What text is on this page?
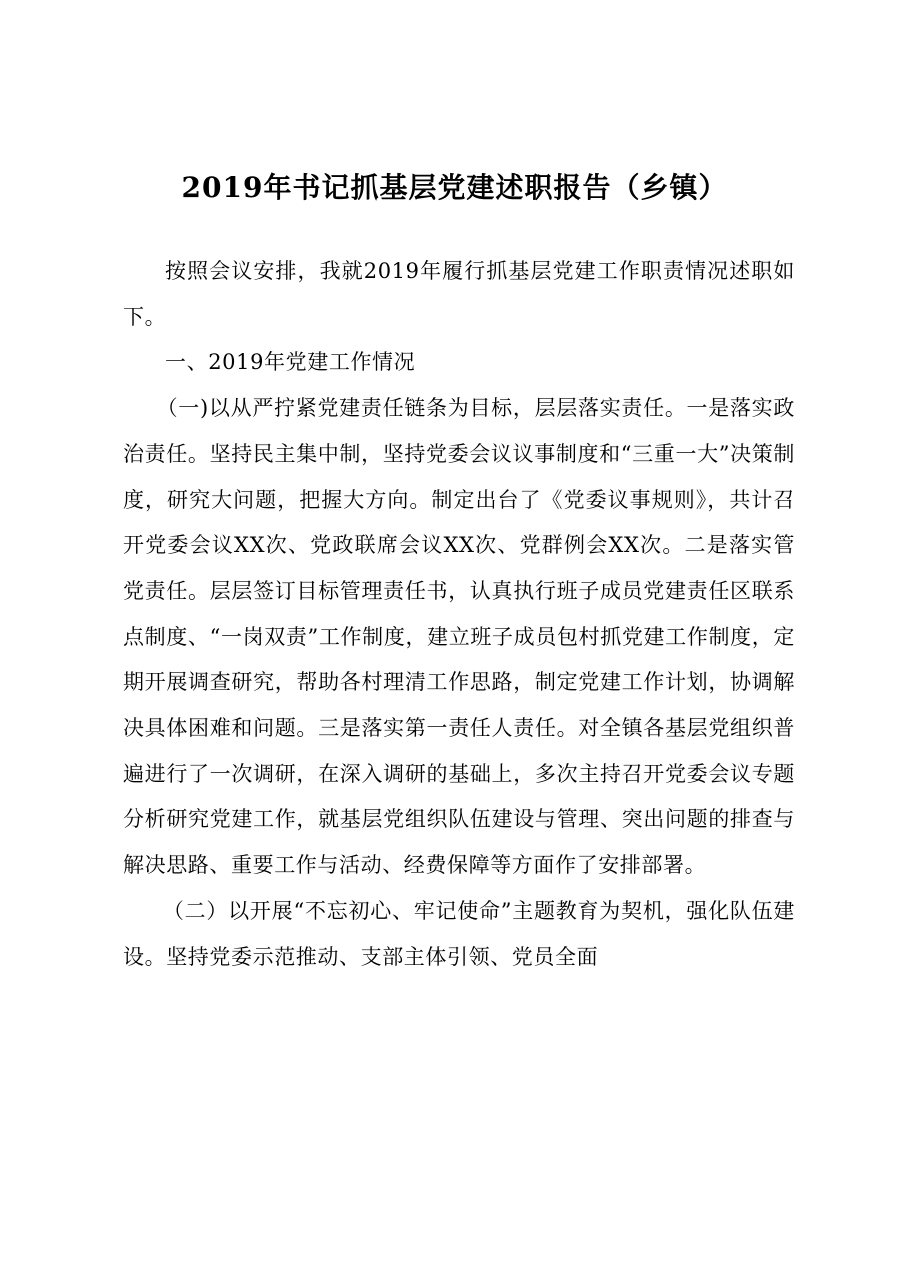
2019年书记抓基层党建述职报告（乡镇）

按照会议安排，我就2019年履行抓基层党建工作职责情况述职如下。

一、2019年党建工作情况

（一)以从严拧紧党建责任链条为目标，层层落实责任。一是落实政治责任。坚持民主集中制，坚持党委会议议事制度和“三重一大”决策制度，研究大问题，把握大方向。制定出台了《党委议事规则》，共计召开党委会议XX次、党政联席会议XX次、党群例会XX次。二是落实管党责任。层层签订目标管理责任书，认真执行班子成员党建责任区联系点制度、“一岗双责”工作制度，建立班子成员包村抓党建工作制度，定期开展调查研究，帮助各村理清工作思路，制定党建工作计划，协调解决具体困难和问题。三是落实第一责任人责任。对全镇各基层党组织普遍进行了一次调研，在深入调研的基础上，多次主持召开党委会议专题分析研究党建工作，就基层党组织队伍建设与管理、突出问题的排查与解决思路、重要工作与活动、经费保障等方面作了安排部署。

（二）以开展“不忘初心、牢记使命”主题教育为契机，强化队伍建设。坚持党委示范推动、支部主体引领、党员全面
